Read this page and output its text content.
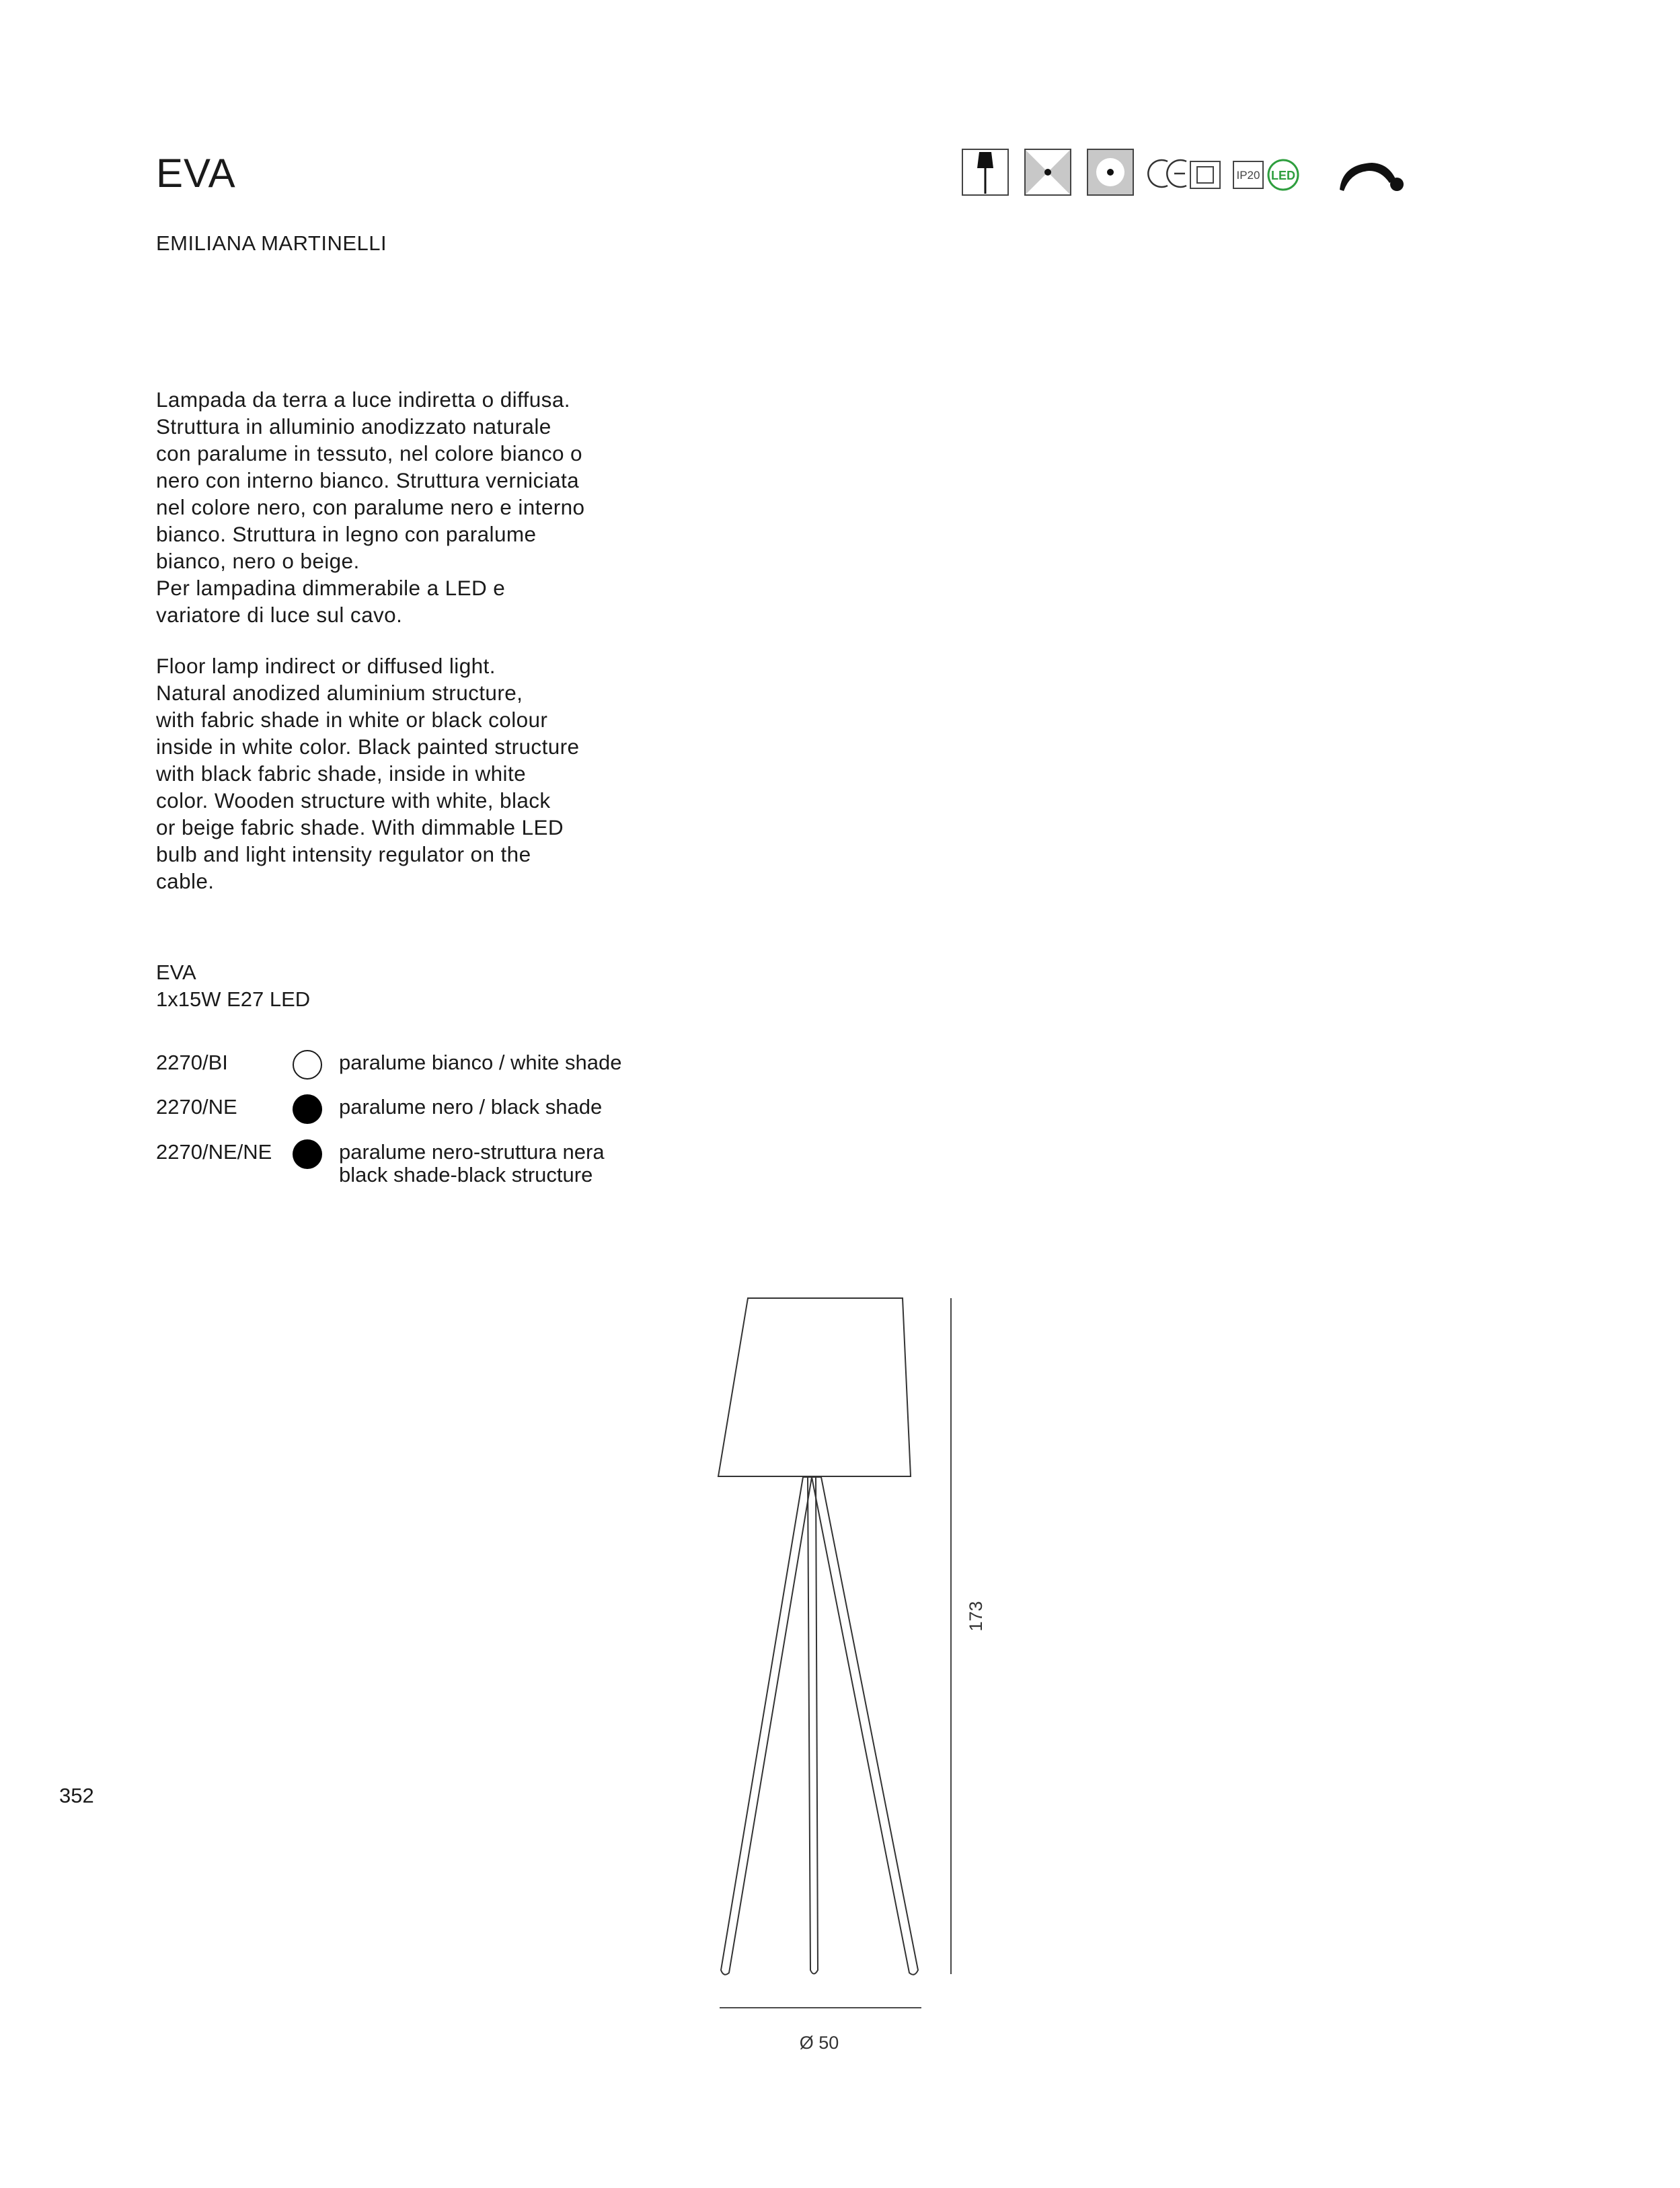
EVA
EMILIANA MARTINELLI
IP20 LED
Lampada da terra a luce indiretta o diffusa.
Struttura in alluminio anodizzato naturale
con paralume in tessuto, nel colore bianco o
nero con interno bianco. Struttura verniciata
nel colore nero, con paralume nero e interno
bianco. Struttura in legno con paralume
bianco, nero o beige.
Per lampadina dimmerabile a LED e
variatore di luce sul cavo.
Floor lamp indirect or diffused light.
Natural anodized aluminium structure,
with fabric shade in white or black colour
inside in white color. Black painted structure
with black fabric shade, inside in white
color. Wooden structure with white, black
or beige fabric shade. With dimmable LED
bulb and light intensity regulator on the
cable.
EVA
1x15W E27 LED
2270/BI	paralume bianco / white shade
2270/NE	paralume nero / black shade
2270/NE/NE	paralume nero-struttura nera
black shade-black structure
173
Ø 50
352
